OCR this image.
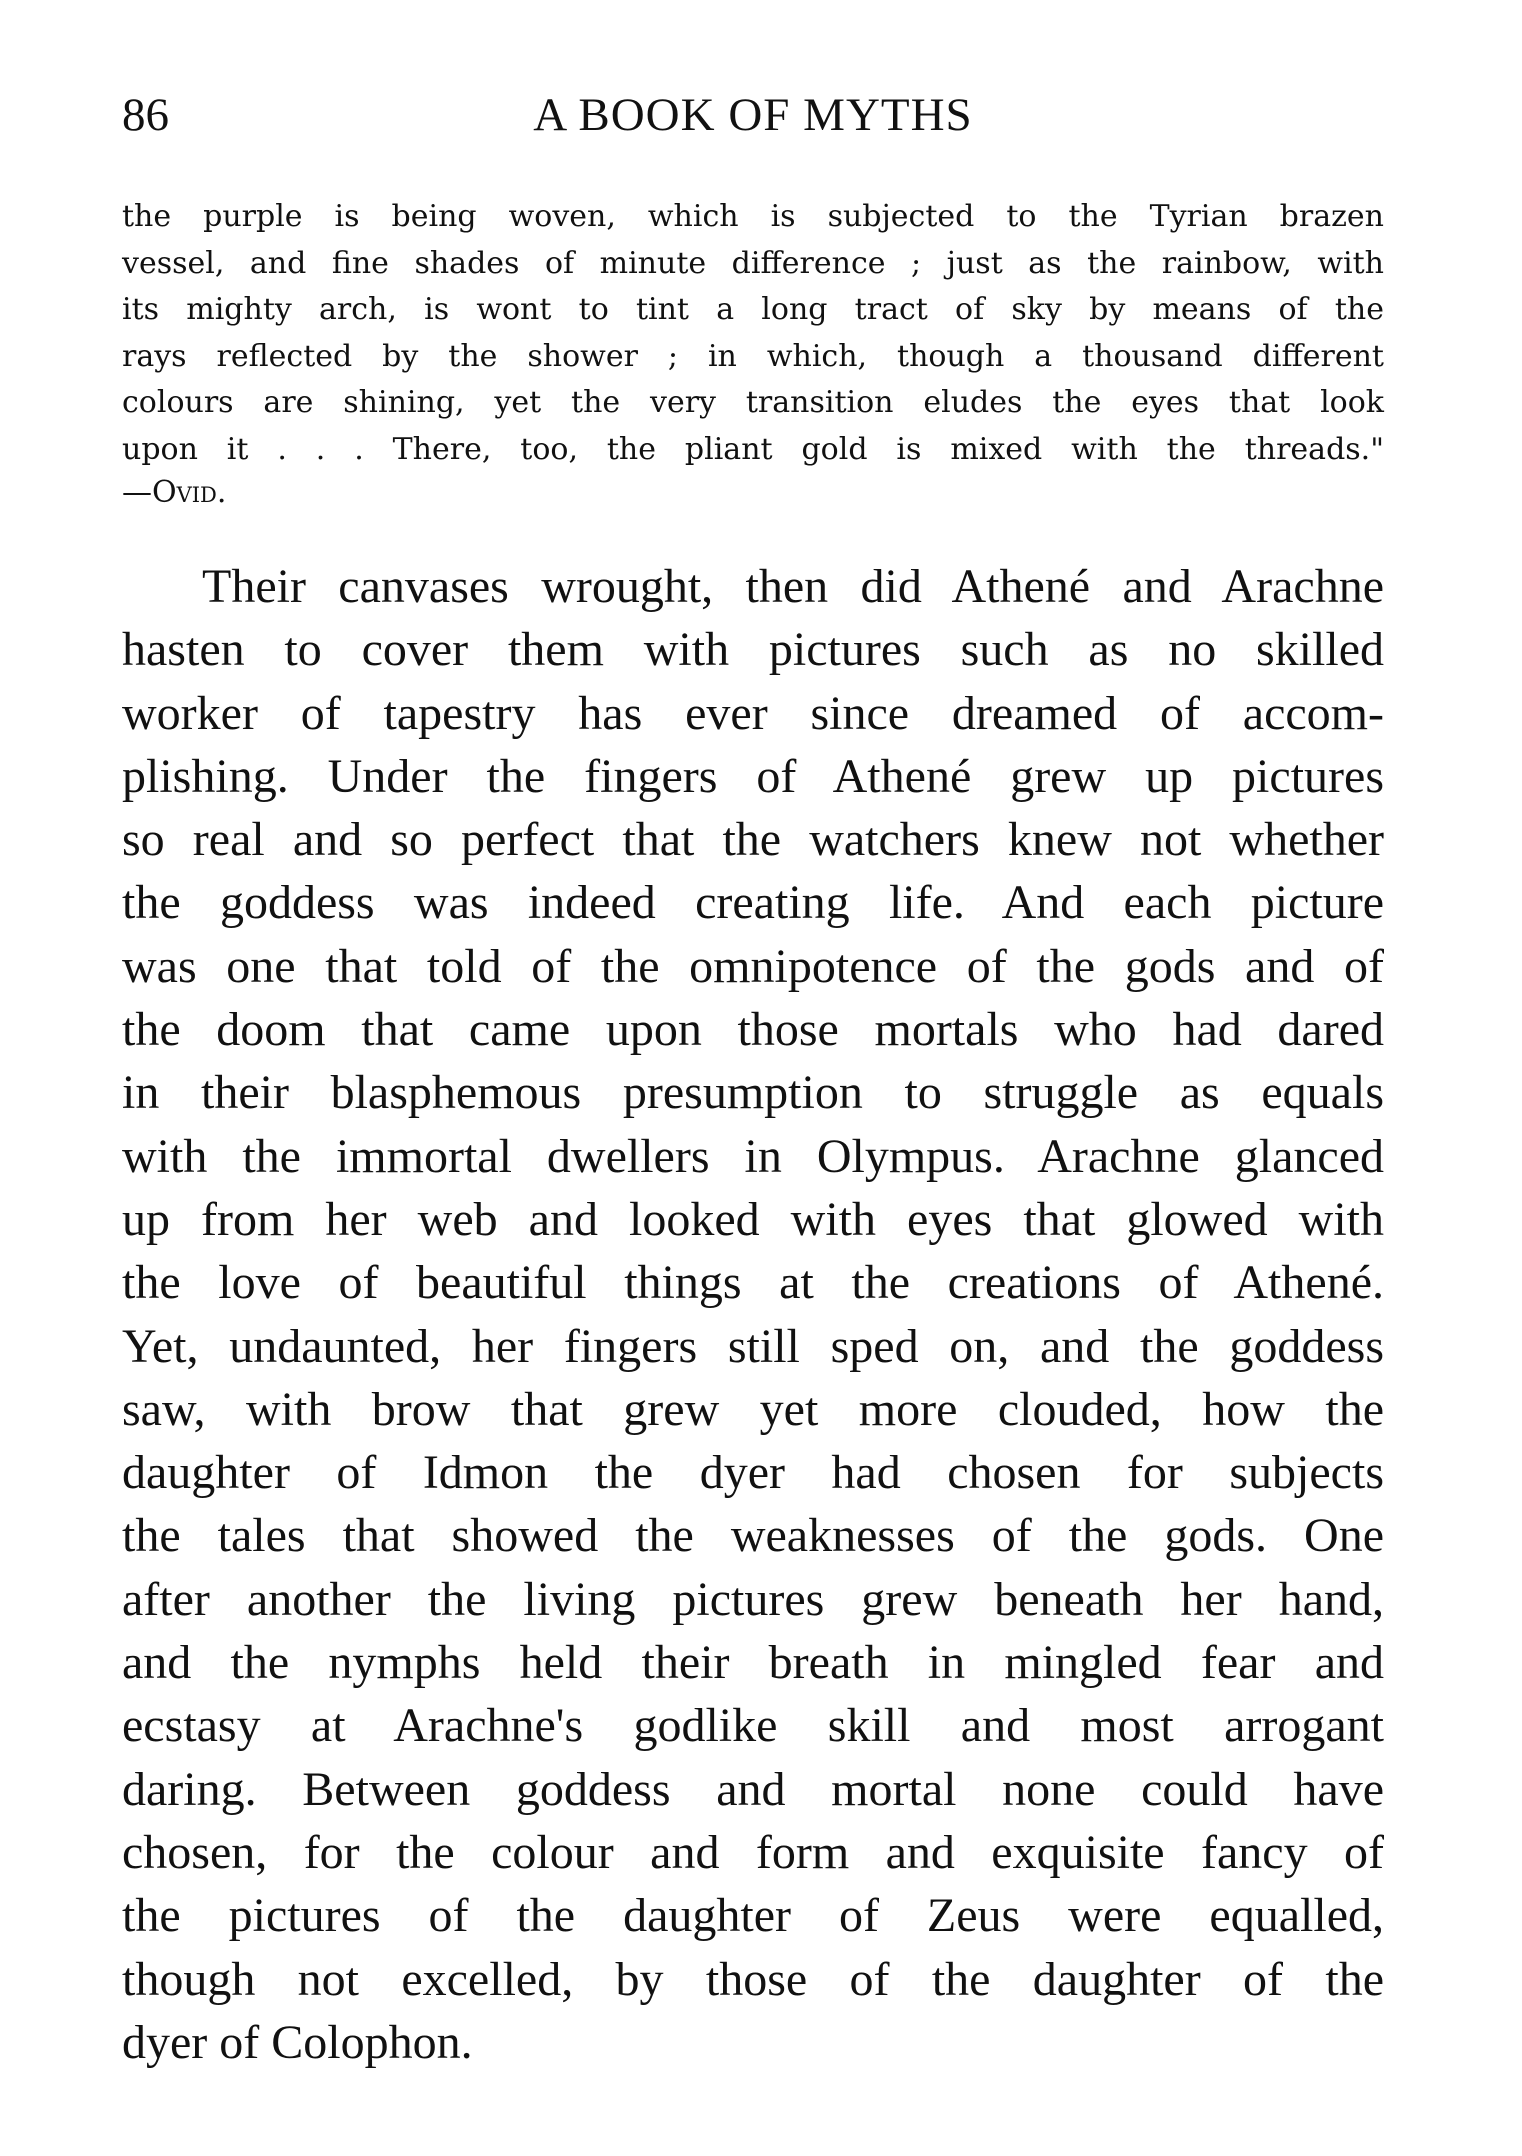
86	A BOOK OF MYTHS
the purple is being woven, which is subjected to the Tyrian brazen
vessel, and fine shades of minute difference ; just as the rainbow, with
its mighty arch, is wont to tint a long tract of sky by means of the
rays reflected by the shower ; in which, though a thousand different
colours are shining, yet the very transition eludes the eyes that look
upon it . . . There, too, the pliant gold is mixed with the threads."
—Ovid.
Their canvases wrought, then did Athené and Arachne
hasten to cover them with pictures such as no skilled
worker of tapestry has ever since dreamed of accom-
plishing. Under the fingers of Athené grew up pictures
so real and so perfect that the watchers knew not whether
the goddess was indeed creating life. And each picture
was one that told of the omnipotence of the gods and of
the doom that came upon those mortals who had dared
in their blasphemous presumption to struggle as equals
with the immortal dwellers in Olympus. Arachne glanced
up from her web and looked with eyes that glowed with
the love of beautiful things at the creations of Athené.
Yet, undaunted, her fingers still sped on, and the goddess
saw, with brow that grew yet more clouded, how the
daughter of Idmon the dyer had chosen for subjects
the tales that showed the weaknesses of the gods. One
after another the living pictures grew beneath her hand,
and the nymphs held their breath in mingled fear and
ecstasy at Arachne's godlike skill and most arrogant
daring. Between goddess and mortal none could have
chosen, for the colour and form and exquisite fancy of
the pictures of the daughter of Zeus were equalled,
though not excelled, by those of the daughter of the
dyer of Colophon.
